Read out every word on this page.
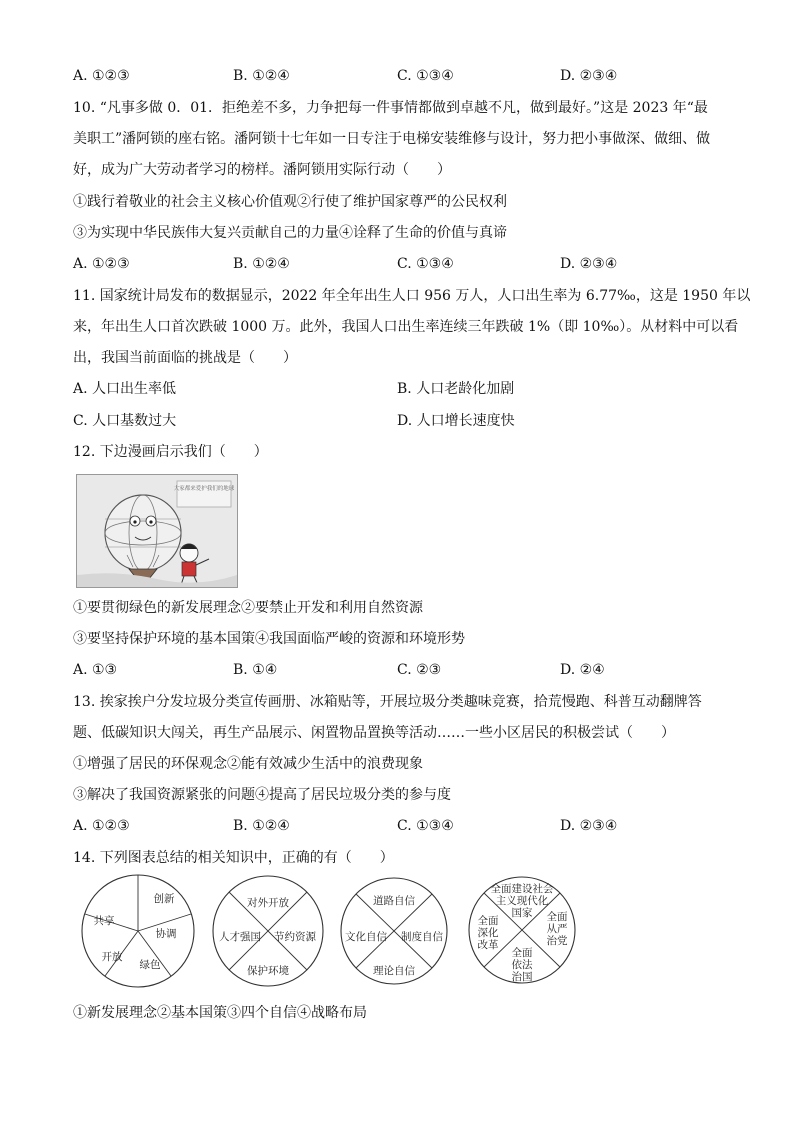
A. ①②③	B. ①②④	C. ①③④	D. ②③④
10. “凡事多做 0．01．拒绝差不多，力争把每一件事情都做到卓越不凡，做到最好。”这是 2023 年“最
美职工”潘阿锁的座右铭。潘阿锁十七年如一日专注于电梯安装维修与设计，努力把小事做深、做细、做
好，成为广大劳动者学习的榜样。潘阿锁用实际行动（　　）
①践行着敬业的社会主义核心价值观②行使了维护国家尊严的公民权利
③为实现中华民族伟大复兴贡献自己的力量④诠释了生命的价值与真谛
A. ①②③	B. ①②④	C. ①③④	D. ②③④
11. 国家统计局发布的数据显示，2022 年全年出生人口 956 万人，人口出生率为 6.77‰，这是 1950 年以
来，年出生人口首次跌破 1000 万。此外，我国人口出生率连续三年跌破 1%（即 10‰）。从材料中可以看
出，我国当前面临的挑战是（　　）
A. 人口出生率低	B. 人口老龄化加剧
C. 人口基数过大	D. 人口增长速度快
12. 下边漫画启示我们（　　）
大家都来爱护我们的地球
①要贯彻绿色的新发展理念②要禁止开发和利用自然资源
③要坚持保护环境的基本国策④我国面临严峻的资源和环境形势
A. ①③	B. ①④	C. ②③	D. ②④
13. 挨家挨户分发垃圾分类宣传画册、冰箱贴等，开展垃圾分类趣味竞赛，拾荒慢跑、科普互动翻牌答
题、低碳知识大闯关，再生产品展示、闲置物品置换等活动……一些小区居民的积极尝试（　　）
①增强了居民的环保观念②能有效减少生活中的浪费现象
③解决了我国资源紧张的问题④提高了居民垃圾分类的参与度
A. ①②③	B. ①②④	C. ①③④	D. ②③④
14. 下列图表总结的相关知识中，正确的有（　　）
创新
协调
绿色
开放
共享
对外开放
节约资源
保护环境
人才强国
道路自信
制度自信
理论自信
文化自信
全面建设社会
主义现代化
国家 全面
从严
治党
全面
依法
治国
全面
深化
改革
①新发展理念②基本国策③四个自信④战略布局
